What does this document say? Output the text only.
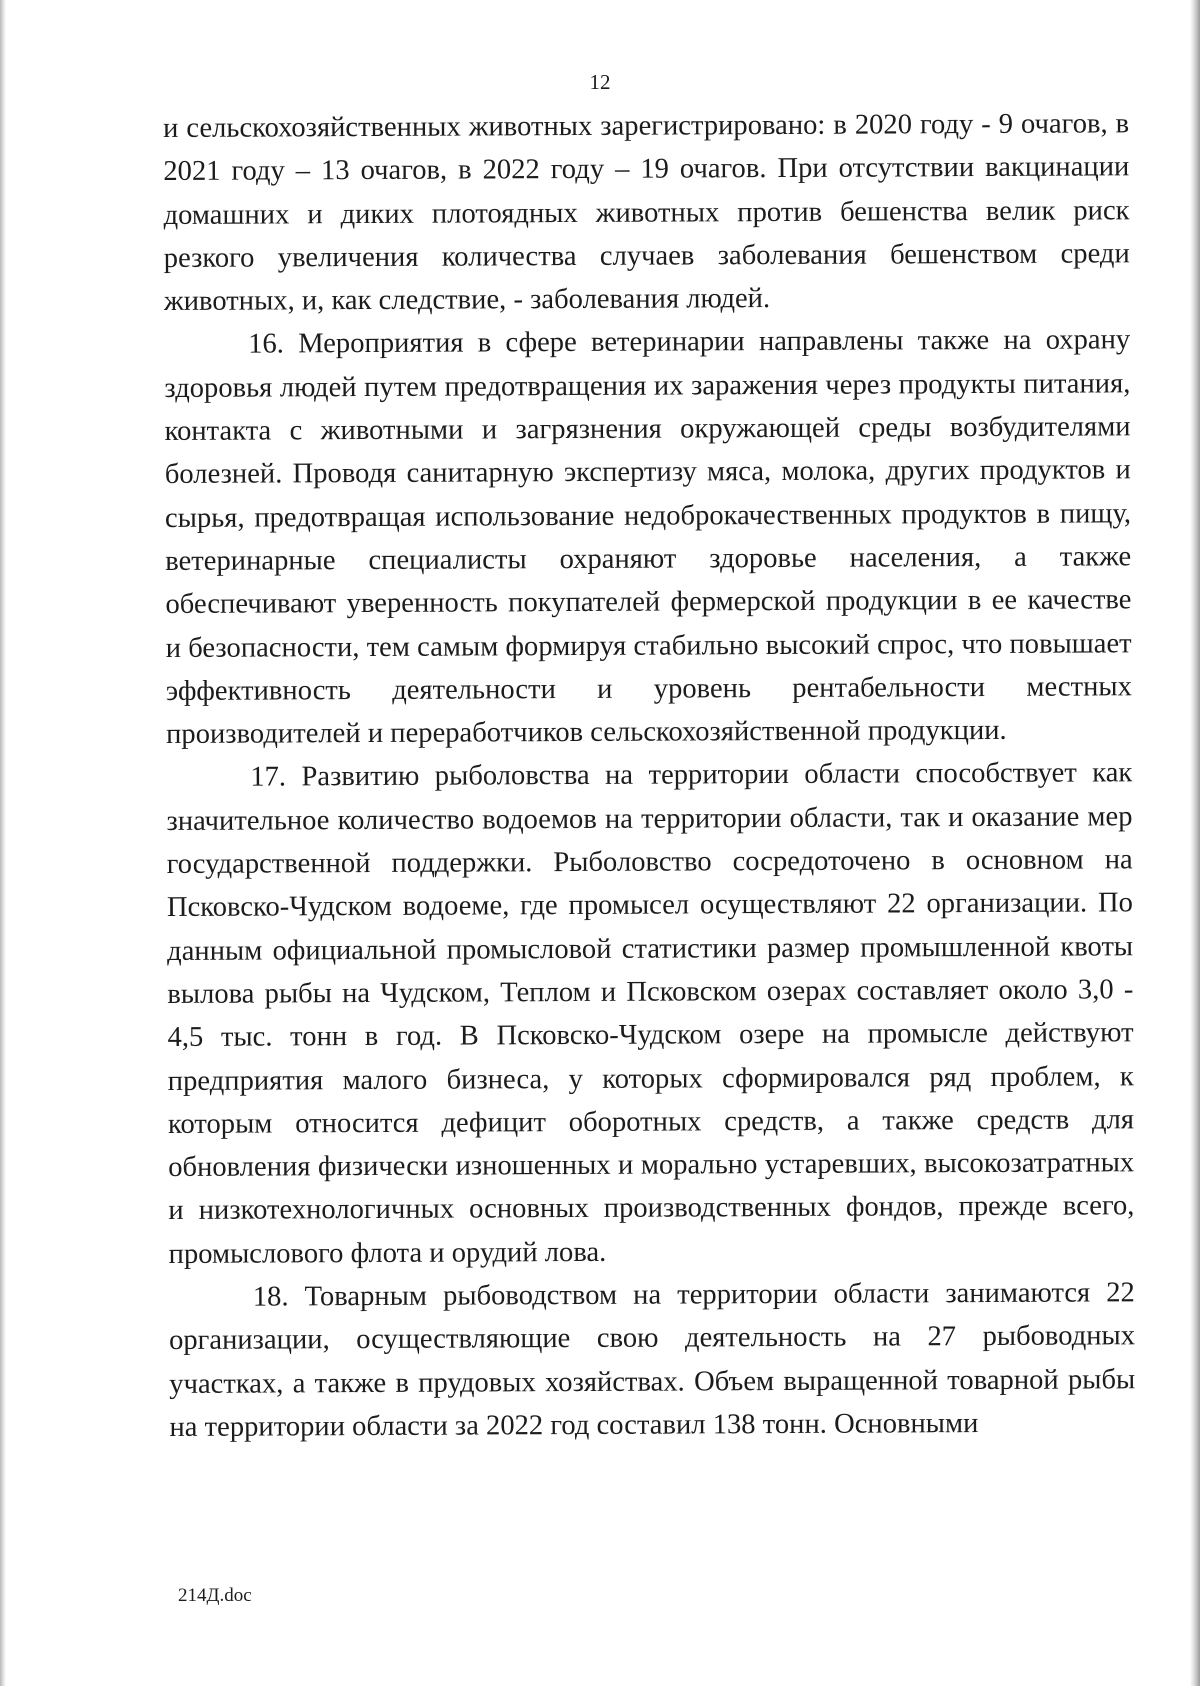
12

и сельскохозяйственных животных зарегистрировано: в 2020 году - 9 очагов, в 2021 году – 13 очагов, в 2022 году – 19 очагов. При отсутствии вакцинации домашних и диких плотоядных животных против бешенства велик риск резкого увеличения количества случаев заболевания бешенством среди животных, и, как следствие, - заболевания людей.

16. Мероприятия в сфере ветеринарии направлены также на охрану здоровья людей путем предотвращения их заражения через продукты питания, контакта с животными и загрязнения окружающей среды возбудителями болезней. Проводя санитарную экспертизу мяса, молока, других продуктов и сырья, предотвращая использование недоброкачественных продуктов в пищу, ветеринарные специалисты охраняют здоровье населения, а также обеспечивают уверенность покупателей фермерской продукции в ее качестве и безопасности, тем самым формируя стабильно высокий спрос, что повышает эффективность деятельности и уровень рентабельности местных производителей и переработчиков сельскохозяйственной продукции.

17. Развитию рыболовства на территории области способствует как значительное количество водоемов на территории области, так и оказание мер государственной поддержки. Рыболовство сосредоточено в основном на Псковско-Чудском водоеме, где промысел осуществляют 22 организации. По данным официальной промысловой статистики размер промышленной квоты вылова рыбы на Чудском, Теплом и Псковском озерах составляет около 3,0 - 4,5 тыс. тонн в год. В Псковско-Чудском озере на промысле действуют предприятия малого бизнеса, у которых сформировался ряд проблем, к которым относится дефицит оборотных средств, а также средств для обновления физически изношенных и морально устаревших, высокозатратных и низкотехнологичных основных производственных фондов, прежде всего, промыслового флота и орудий лова.

18. Товарным рыбоводством на территории области занимаются 22 организации, осуществляющие свою деятельность на 27 рыбоводных участках, а также в прудовых хозяйствах. Объем выращенной товарной рыбы на территории области за 2022 год составил 138 тонн. Основными

214Д.doc
